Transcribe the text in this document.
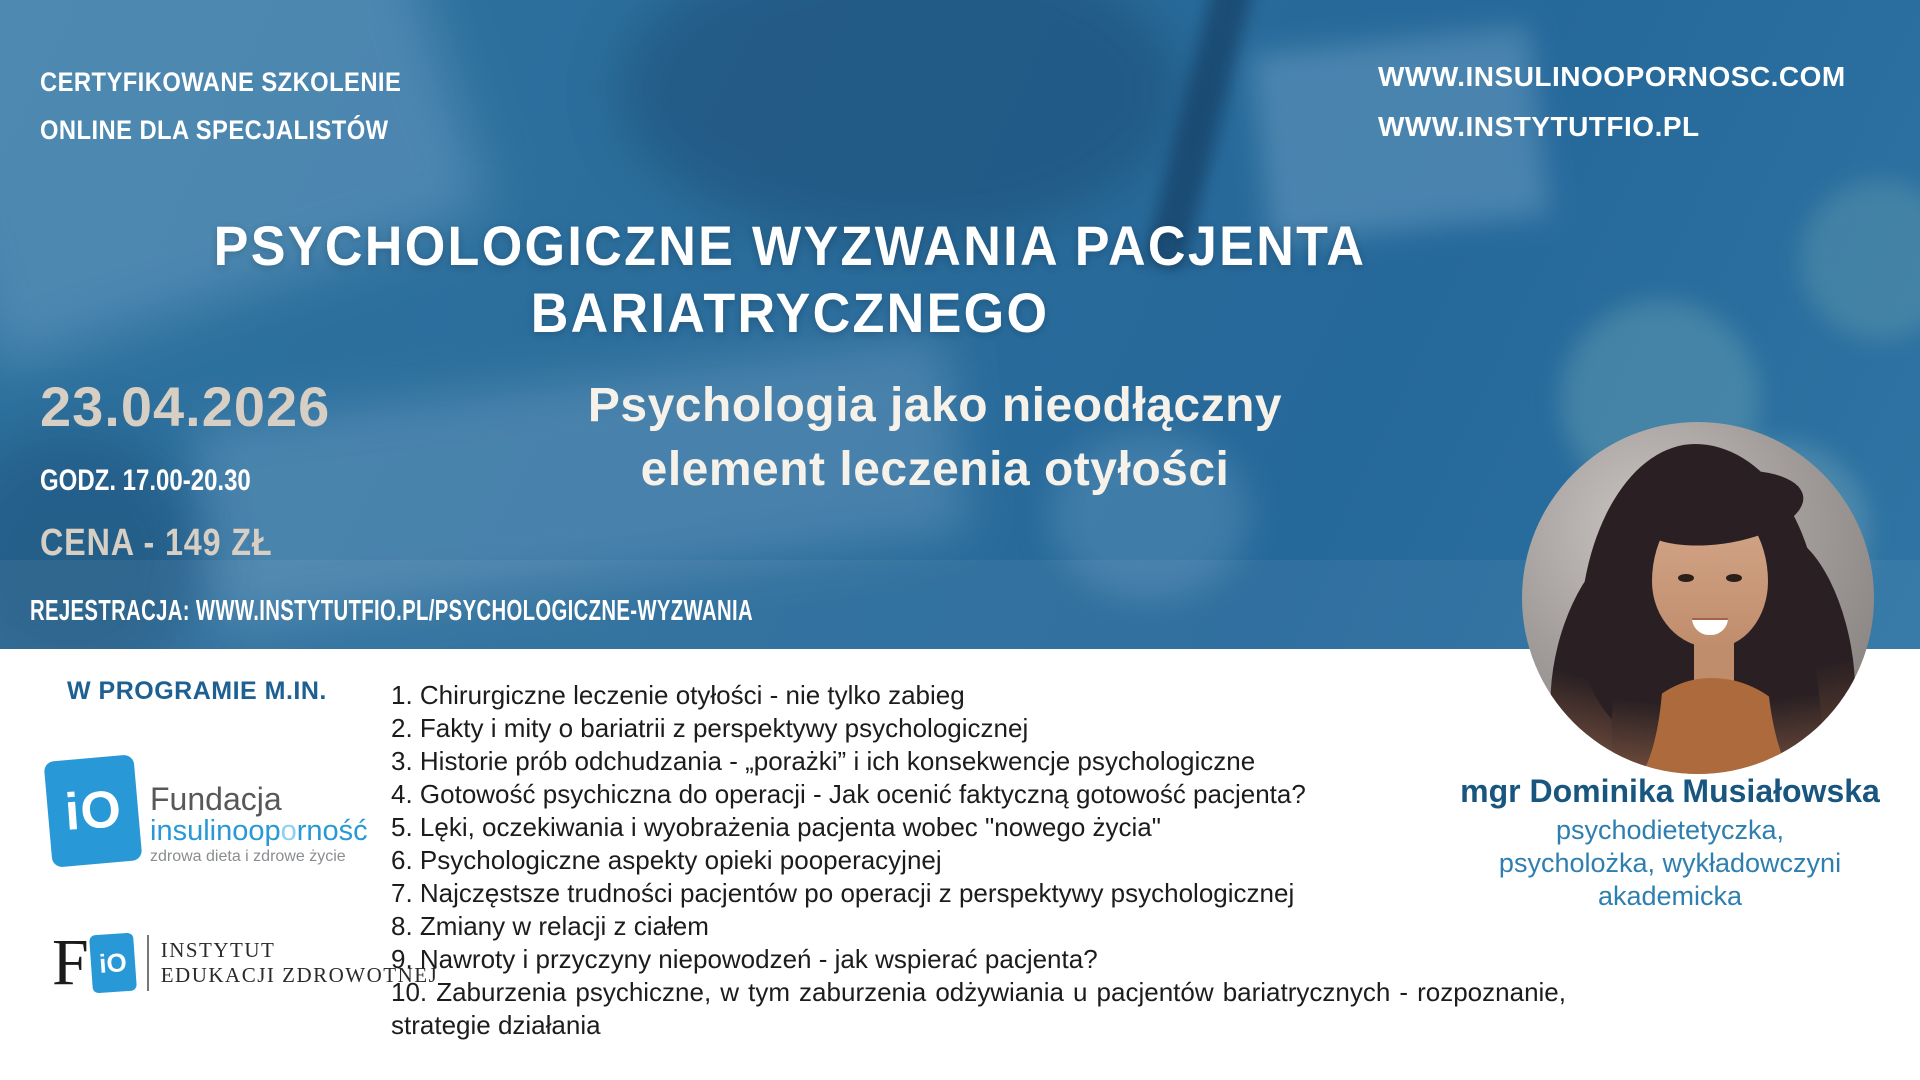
CERTYFIKOWANE SZKOLENIE
ONLINE DLA SPECJALISTÓW
WWW.INSULINOOPORNOSC.COM
WWW.INSTYTUTFIO.PL
PSYCHOLOGICZNE WYZWANIA PACJENTA
BARIATRYCZNEGO
Psychologia jako nieodłączny
element leczenia otyłości
23.04.2026
GODZ. 17.00-20.30
CENA - 149 ZŁ
REJESTRACJA: WWW.INSTYTUTFIO.PL/PSYCHOLOGICZNE-WYZWANIA
W PROGRAMIE M.IN. 1. Chirurgiczne leczenie otyłości - nie tylko zabieg
2. Fakty i mity o bariatrii z perspektywy psychologicznej
3. Historie prób odchudzania - „porażki” i ich konsekwencje psychologiczne
4. Gotowość psychiczna do operacji - Jak ocenić faktyczną gotowość pacjenta?
5. Lęki, oczekiwania i wyobrażenia pacjenta wobec "nowego życia"
6. Psychologiczne aspekty opieki pooperacyjnej
7. Najczęstsze trudności pacjentów po operacji z perspektywy psychologicznej
8. Zmiany w relacji z ciałem
9. Nawroty i przyczyny niepowodzeń - jak wspierać pacjenta?
10. Zaburzenia psychiczne, w tym zaburzenia odżywiania u pacjentów bariatrycznych - rozpoznanie, strategie działania
iO Fundacja
insulinooporność
zdrowa dieta i zdrowe życie
F iO INSTYTUT
EDUKACJI ZDROWOTNEJ
mgr Dominika Musiałowska
psychodietetyczka,
psycholożka, wykładowczyni
akademicka
